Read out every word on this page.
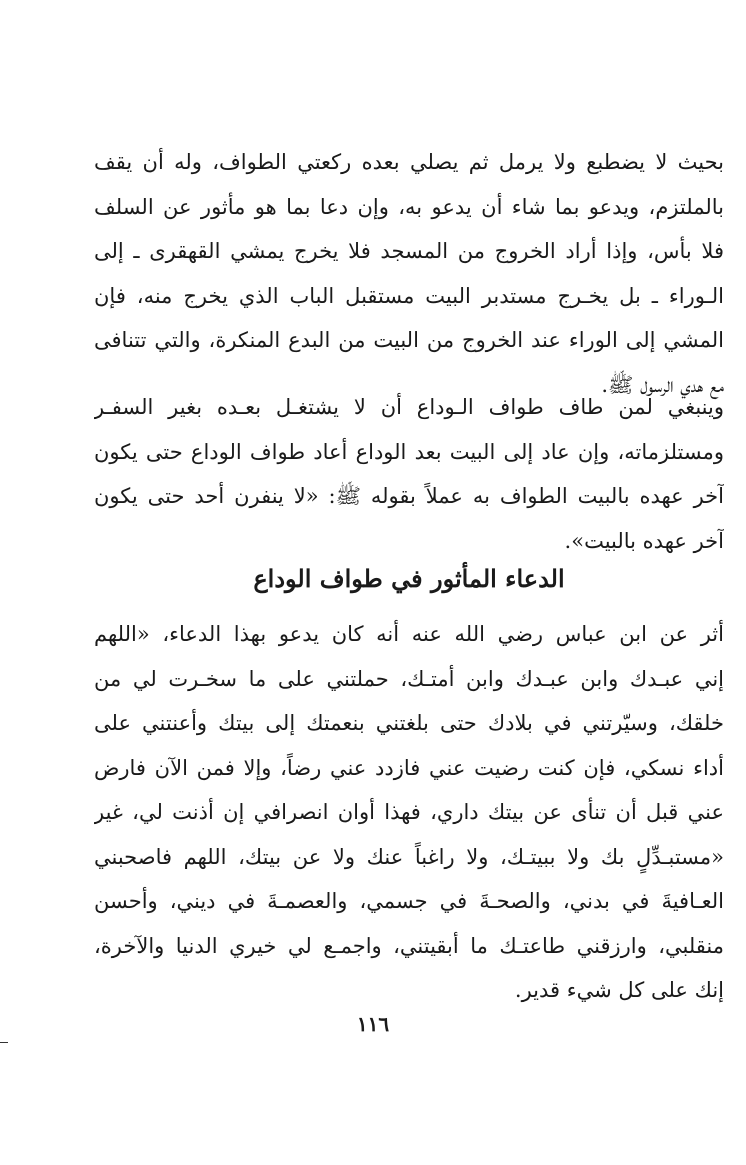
بحيث لا يضطبع ولا يرمل ثم يصلي بعده ركعتي الطواف، وله أن يقف
بالملتزم، ويدعو بما شاء أن يدعو به، وإن دعا بما هو مأثور عن السلف
فلا بأس، وإذا أراد الخروج من المسجد فلا يخرج يمشي القهقرى ـ إلى
الـوراء ـ بل يخـرج مستدبر البيت مستقبل الباب الذي يخرج منه، فإن
المشي إلى الوراء عند الخروج من البيت من البدع المنكرة، والتي تتنافى
مع هدي الرسول ﷺ.
وينبغي لمن طاف طواف الـوداع أن لا يشتغـل بعـده بغير السفـر
ومستلزماته، وإن عاد إلى البيت بعد الوداع أعاد طواف الوداع حتى يكون
آخر عهده بالبيت الطواف به عملاً بقوله ﷺ: «لا ينفرن أحد حتى يكون
آخر عهده بالبيت».
الدعاء المأثور في طواف الوداع
أثر عن ابن عباس رضي الله عنه أنه كان يدعو بهذا الدعاء، «اللهم
إني عبـدك وابن عبـدك وابن أمتـك، حملتني على ما سخـرت لي من
خلقك، وسيّرتني في بلادك حتى بلغتني بنعمتك إلى بيتك وأعنتني على
أداء نسكي، فإن كنت رضيت عني فازدد عني رضاً، وإلا فمن الآن فارض
عني قبل أن تنأى عن بيتك داري، فهذا أوان انصرافي إن أذنت لي، غير
«مستبـدِّلٍ بك ولا ببيتـك، ولا راغباً عنك ولا عن بيتك، اللهم فاصحبني
العـافيةَ في بدني، والصحـةَ في جسمي، والعصمـةَ في ديني، وأحسن
منقلبي، وارزقني طاعتـك ما أبقيتني، واجمـع لي خيري الدنيا والآخرة،
إنك على كل شيء قدير.
١١٦
